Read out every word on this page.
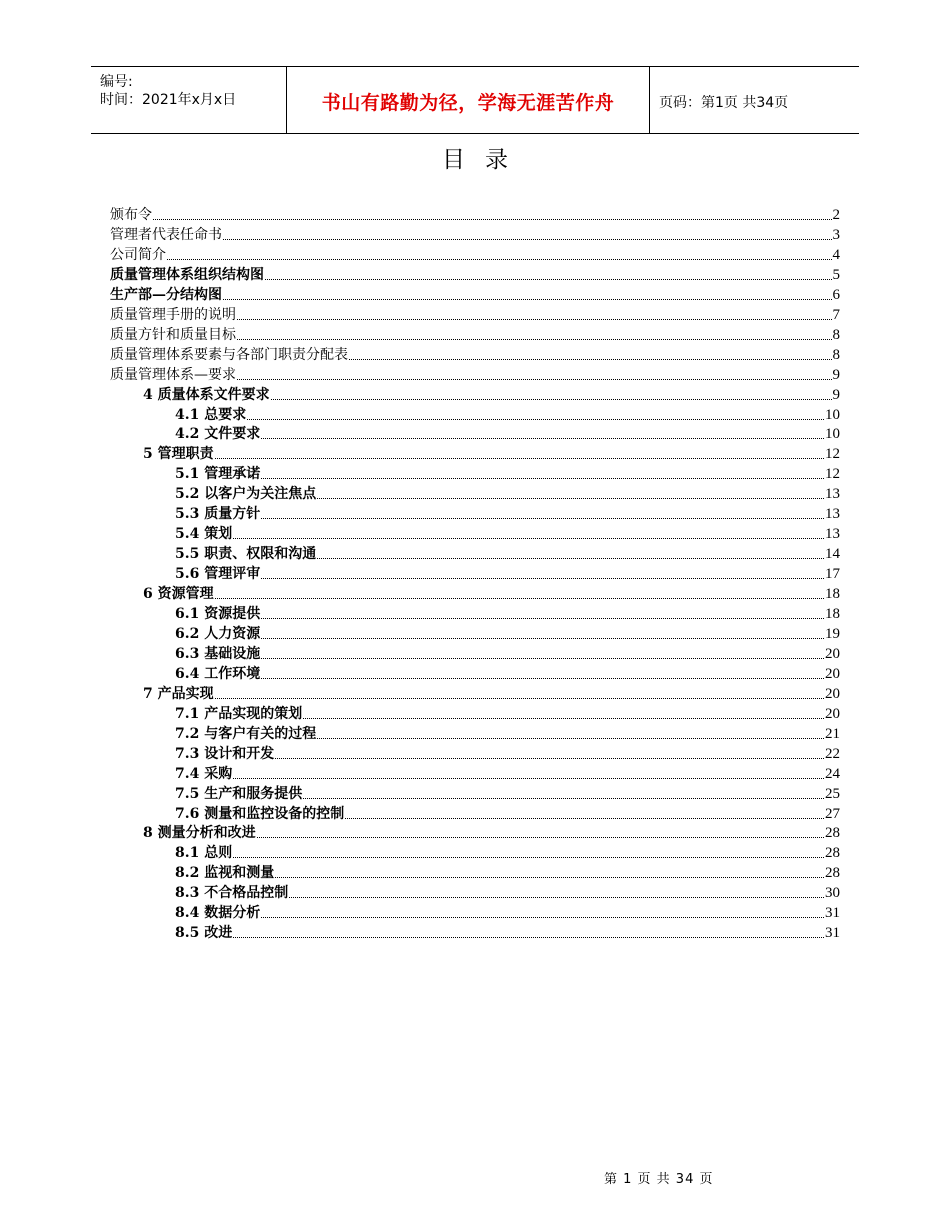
编号:
时间：2021年x月x日	书山有路勤为径，学海无涯苦作舟	页码：第1页 共34页
目录
颁布令	2
管理者代表任命书	3
公司简介	4
质量管理体系组织结构图	5
生产部—分结构图	6
质量管理手册的说明	7
质量方针和质量目标	8
质量管理体系要素与各部门职责分配表	8
质量管理体系—要求	9
4 质量体系文件要求	9
4.1 总要求	10
4.2 文件要求	10
5 管理职责	12
5.1 管理承诺	12
5.2 以客户为关注焦点	13
5.3 质量方针	13
5.4 策划	13
5.5 职责、权限和沟通	14
5.6 管理评审	17
6 资源管理	18
6.1 资源提供	18
6.2 人力资源	19
6.3 基础设施	20
6.4 工作环境	20
7 产品实现	20
7.1 产品实现的策划	20
7.2 与客户有关的过程	21
7.3 设计和开发	22
7.4 采购	24
7.5 生产和服务提供	25
7.6 测量和监控设备的控制	27
8 测量分析和改进	28
8.1 总则	28
8.2 监视和测量	28
8.3 不合格品控制	30
8.4 数据分析	31
8.5 改进	31
第 1 页 共 34 页
